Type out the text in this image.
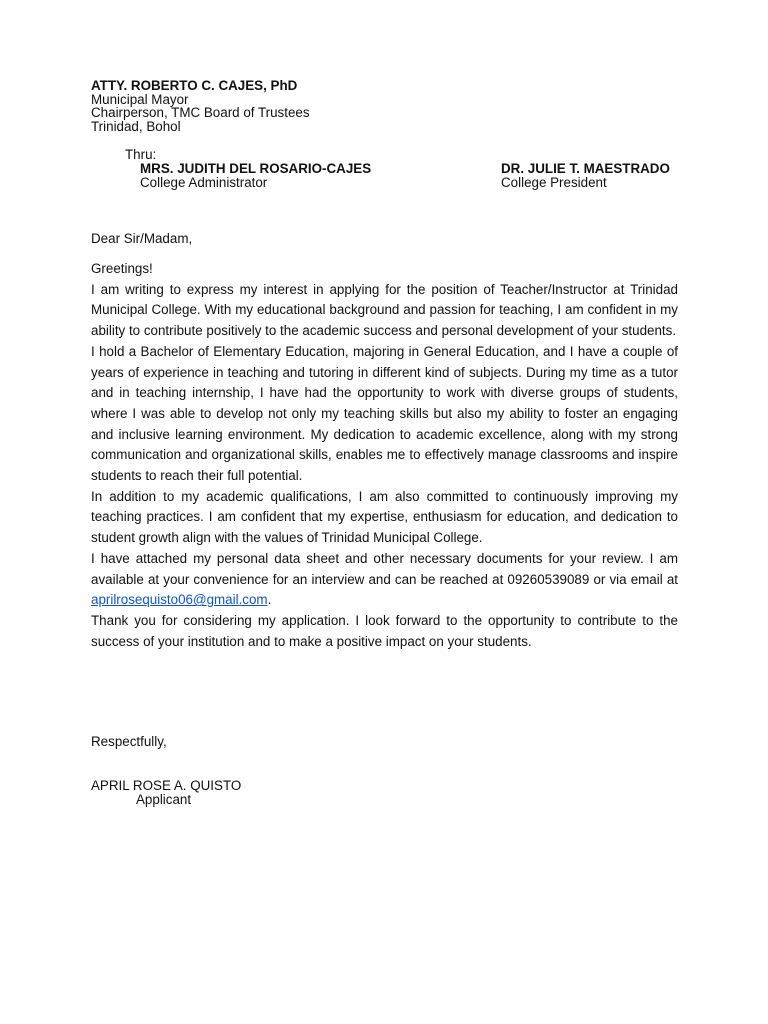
ATTY. ROBERTO C. CAJES, PhD
Municipal Mayor
Chairperson, TMC Board of Trustees
Trinidad, Bohol
Thru:
MRS. JUDITH DEL ROSARIO-CAJES
College Administrator
DR. JULIE T. MAESTRADO
College President
Dear Sir/Madam,

Greetings!

I am writing to express my interest in applying for the position of Teacher/Instructor at Trinidad Municipal College. With my educational background and passion for teaching, I am confident in my ability to contribute positively to the academic success and personal development of your students.

I hold a Bachelor of Elementary Education, majoring in General Education, and I have a couple of years of experience in teaching and tutoring in different kind of subjects. During my time as a tutor and in teaching internship, I have had the opportunity to work with diverse groups of students, where I was able to develop not only my teaching skills but also my ability to foster an engaging and inclusive learning environment. My dedication to academic excellence, along with my strong communication and organizational skills, enables me to effectively manage classrooms and inspire students to reach their full potential.

In addition to my academic qualifications, I am also committed to continuously improving my teaching practices. I am confident that my expertise, enthusiasm for education, and dedication to student growth align with the values of Trinidad Municipal College.

I have attached my personal data sheet and other necessary documents for your review. I am available at your convenience for an interview and can be reached at 09260539089 or via email at aprilrosequisto06@gmail.com.

Thank you for considering my application. I look forward to the opportunity to contribute to the success of your institution and to make a positive impact on your students.

Respectfully,
APRIL ROSE A. QUISTO
Applicant
